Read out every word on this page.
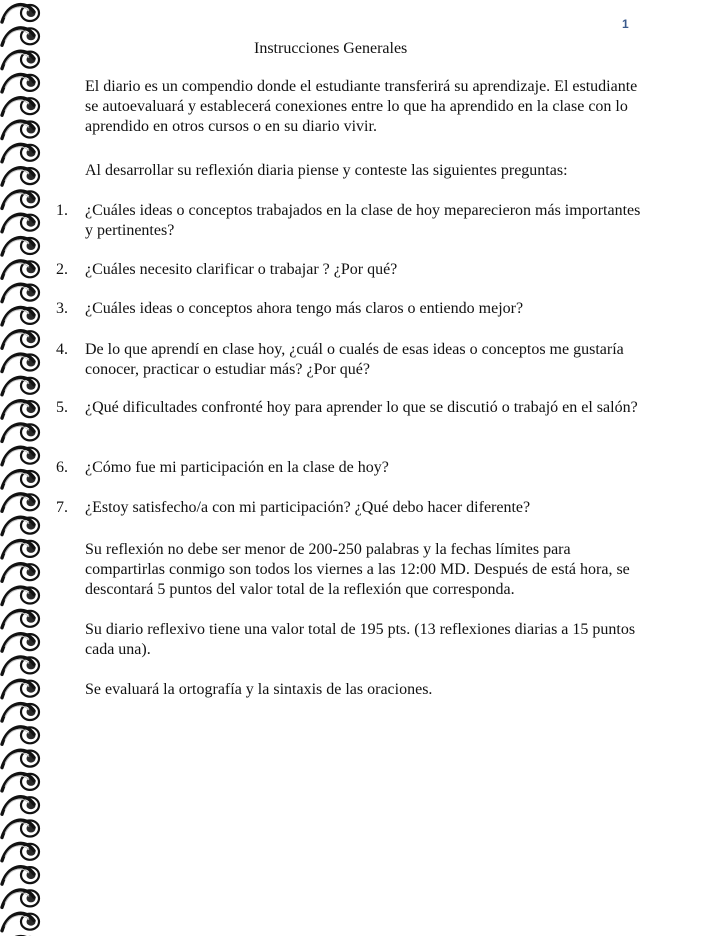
1
Instrucciones Generales
El diario es un compendio donde el estudiante transferirá su aprendizaje. El estudiante se autoevaluará y establecerá conexiones entre lo que ha aprendido en la clase con lo aprendido en otros cursos o en su diario vivir.
Al desarrollar su reflexión diaria piense y conteste las siguientes preguntas:
1.	¿Cuáles ideas o conceptos trabajados en la clase de hoy meparecieron más importantes y pertinentes?
2.	¿Cuáles necesito clarificar o trabajar ? ¿Por qué?
3.	¿Cuáles ideas o conceptos ahora tengo más claros o entiendo mejor?
4.	De lo que aprendí en clase hoy, ¿cuál o cualés de esas ideas o conceptos me gustaría conocer, practicar o estudiar más? ¿Por qué?
5.	¿Qué dificultades confronté hoy para aprender lo que se discutió o trabajó en el salón?
6.	¿Cómo fue mi participación en la clase de hoy?
7.	¿Estoy satisfecho/a con mi participación? ¿Qué debo hacer diferente?
Su reflexión no debe ser menor de 200-250 palabras y la fechas límites para compartirlas conmigo son todos los viernes a las 12:00 MD. Después de está hora, se descontará 5 puntos del valor total de la reflexión que corresponda.
Su diario reflexivo tiene una valor total de 195 pts. (13 reflexiones diarias a 15 puntos cada una).
Se evaluará la ortografía y la sintaxis de las oraciones.
